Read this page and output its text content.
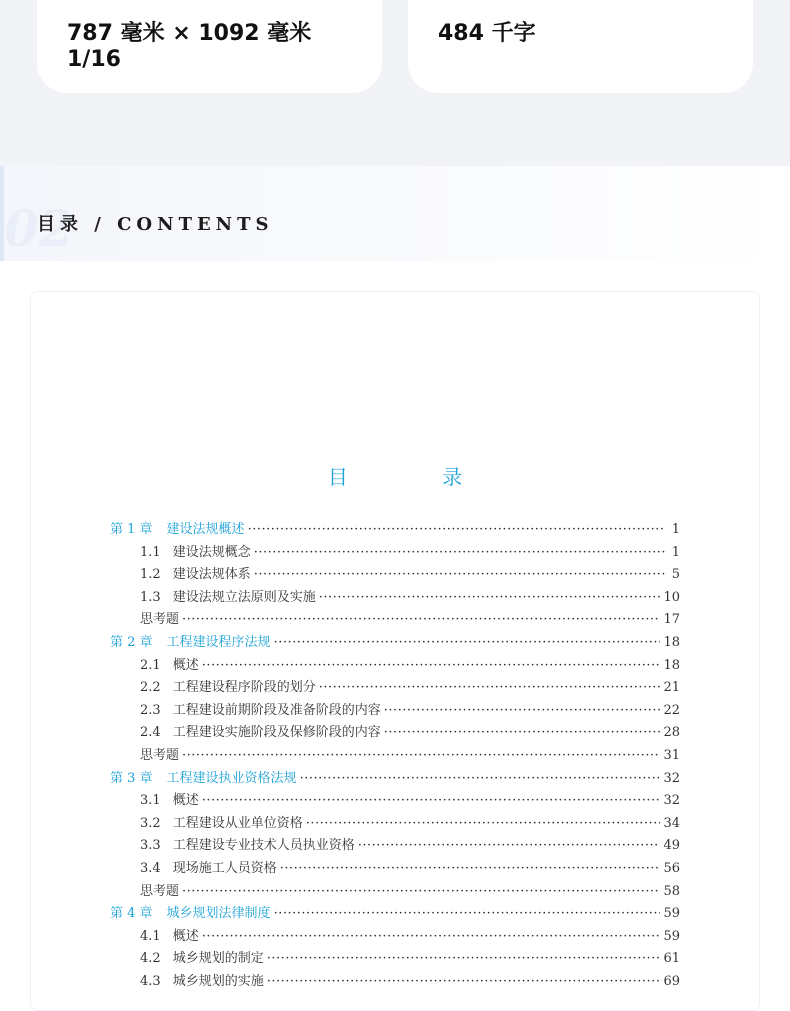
787 毫米 × 1092 毫米
1/16
484 千字
02
目录 / CONTENTS
目 录
第 1 章 建设法规概述 ·····	1
1.1 建设法规概念 ·····	1
1.2 建设法规体系 ·····	5
1.3 建设法规立法原则及实施 ·····	10
思考题 ·····	17
第 2 章 工程建设程序法规 ·····	18
2.1 概述 ·····	18
2.2 工程建设程序阶段的划分 ·····	21
2.3 工程建设前期阶段及准备阶段的内容 ·····	22
2.4 工程建设实施阶段及保修阶段的内容 ·····	28
思考题 ·····	31
第 3 章 工程建设执业资格法规 ·····	32
3.1 概述 ·····	32
3.2 工程建设从业单位资格 ·····	34
3.3 工程建设专业技术人员执业资格 ·····	49
3.4 现场施工人员资格 ·····	56
思考题 ·····	58
第 4 章 城乡规划法律制度 ·····	59
4.1 概述 ·····	59
4.2 城乡规划的制定 ·····	61
4.3 城乡规划的实施 ·····	69
